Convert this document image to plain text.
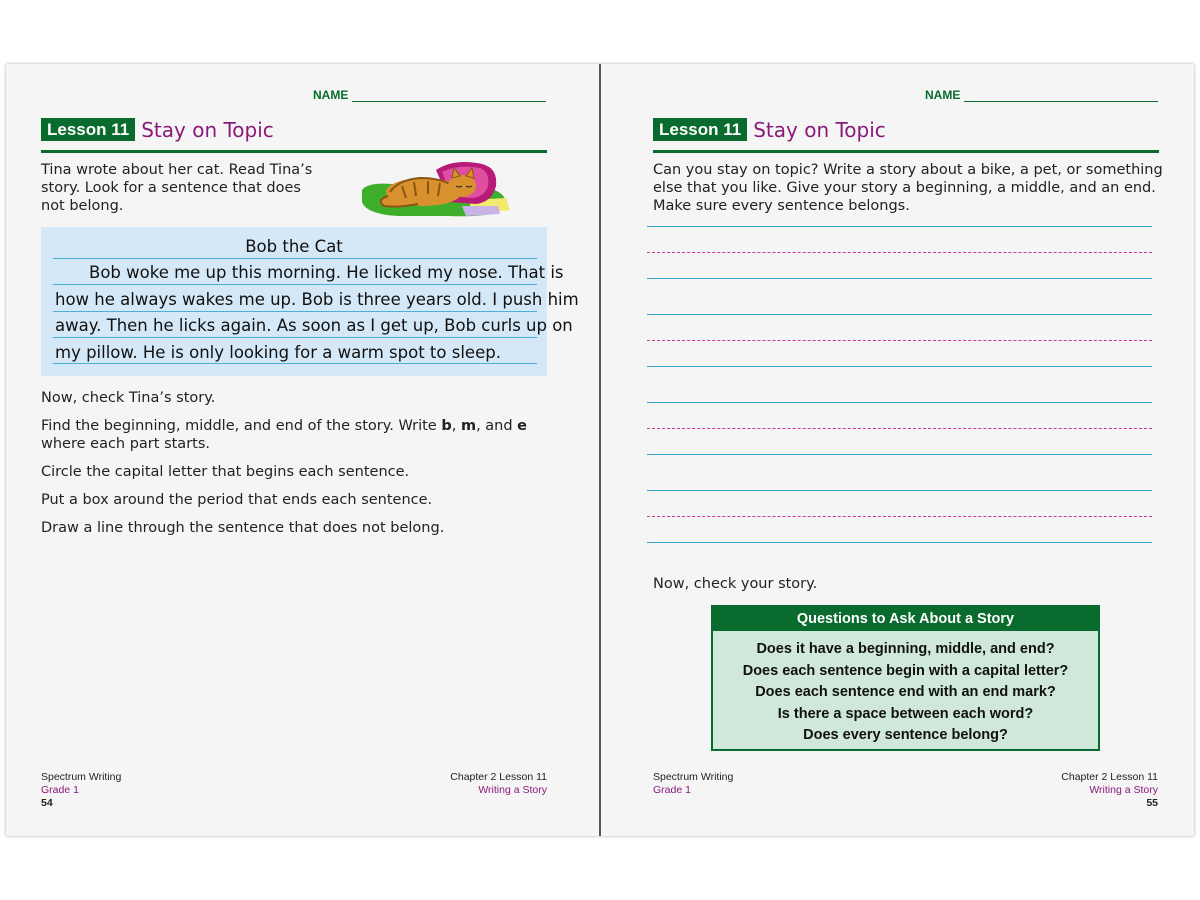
NAME
Lesson 11 Stay on Topic
Tina wrote about her cat. Read Tina’s
story. Look for a sentence that does
not belong.
Bob the Cat
Bob woke me up this morning. He licked my nose. That is
how he always wakes me up. Bob is three years old. I push him
away. Then he licks again. As soon as I get up, Bob curls up on
my pillow. He is only looking for a warm spot to sleep.
Now, check Tina’s story.
Find the beginning, middle, and end of the story. Write b, m, and e
where each part starts.
Circle the capital letter that begins each sentence.
Put a box around the period that ends each sentence.
Draw a line through the sentence that does not belong.
Spectrum Writing
Grade 1
54
Chapter 2 Lesson 11
Writing a Story
NAME
Lesson 11 Stay on Topic
Can you stay on topic? Write a story about a bike, a pet, or something
else that you like. Give your story a beginning, a middle, and an end.
Make sure every sentence belongs.
Now, check your story.
Spectrum Writing
Grade 1
Chapter 2 Lesson 11
Writing a Story
55
Questions to Ask About a Story
Does it have a beginning, middle, and end?
Does each sentence begin with a capital letter?
Does each sentence end with an end mark?
Is there a space between each word?
Does every sentence belong?
